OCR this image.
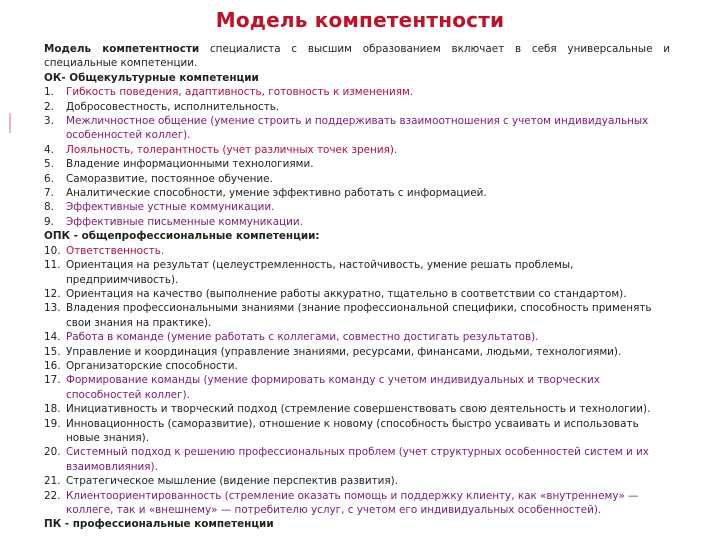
Модель компетентности
Модель компетентности специалиста с высшим образованием включает в себя универсальные и специальные компетенции.
ОК- Общекультурные компетенции
1.	Гибкость поведения, адаптивность, готовность к изменениям.
2.	Добросовестность, исполнительность.
3.	Межличностное общение (умение строить и поддерживать взаимоотношения с учетом индивидуальных особенностей коллег).
4.	Лояльность, толерантность (учет различных точек зрения).
5.	Владение информационными технологиями.
6.	Саморазвитие, постоянное обучение.
7.	Аналитические способности, умение эффективно работать с информацией.
8.	Эффективные устные коммуникации.
9.	Эффективные письменные коммуникации.
ОПК - общепрофессиональные компетенции:
10. Ответственность.
11. Ориентация на результат (целеустремленность, настойчивость, умение решать проблемы, предприимчивость).
12. Ориентация на качество (выполнение работы аккуратно, тщательно в соответствии со стандартом).
13. Владения профессиональными знаниями (знание профессиональной специфики, способность применять свои знания на практике).
14. Работа в команде (умение работать с коллегами, совместно достигать результатов).
15. Управление и координация (управление знаниями, ресурсами, финансами, людьми, технологиями).
16. Организаторские способности.
17. Формирование команды (умение формировать команду с учетом индивидуальных и творческих способностей коллег).
18. Инициативность и творческий подход (стремление совершенствовать свою деятельность и технологии).
19. Инновационность (саморазвитие), отношение к новому (способность быстро усваивать и использовать новые знания).
20. Системный подход к решению профессиональных проблем (учет структурных особенностей систем и их взаимовлияния).
21. Стратегическое мышление (видение перспектив развития).
22. Клиентоориентированность (стремление оказать помощь и поддержку клиенту, как «внутреннему» — коллеге, так и «внешнему» — потребителю услуг, с учетом его индивидуальных особенностей).
ПК - профессиональные компетенции
